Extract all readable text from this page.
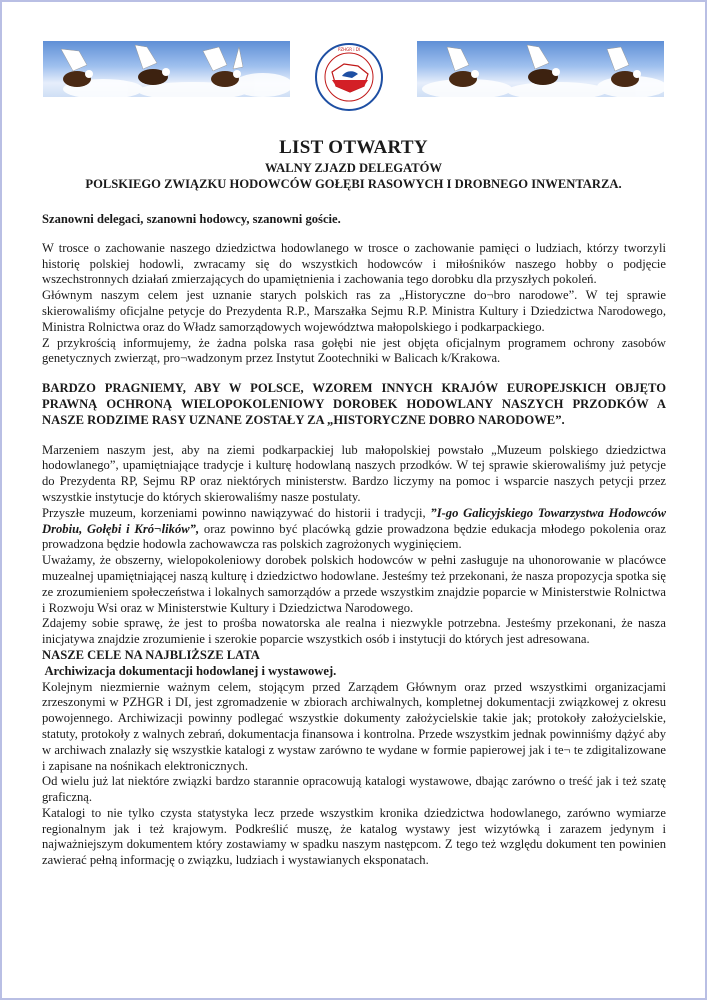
PZHGR i DI
LIST OTWARTY
WALNY ZJAZD DELEGATÓW
POLSKIEGO ZWIĄZKU HODOWCÓW GOŁĘBI RASOWYCH I DROBNEGO INWENTARZA.

Szanowni delegaci, szanowni hodowcy, szanowni goście.

W trosce o zachowanie naszego dziedzictwa hodowlanego w trosce o zachowanie pamięci o ludziach, którzy tworzyli historię polskiej hodowli, zwracamy się do wszystkich hodowców i miłośników naszego hobby o podjęcie wszechstronnych działań zmierzających do upamiętnienia i zachowania tego dorobku dla przyszłych pokoleń.

Głównym naszym celem jest uznanie starych polskich ras za „Historyczne do¬bro narodowe”. W tej sprawie skierowaliśmy oficjalne petycje do Prezydenta R.P., Marszałka Sejmu R.P. Ministra Kultury i Dziedzictwa Narodowego, Ministra Rolnictwa oraz do Władz samorządowych województwa małopolskiego i podkarpackiego.

Z przykrością informujemy, że żadna polska rasa gołębi nie jest objęta oficjalnym programem ochrony zasobów genetycznych zwierząt, pro¬wadzonym przez Instytut Zootechniki w Balicach k/Krakowa.

BARDZO PRAGNIEMY, ABY W POLSCE, WZOREM INNYCH KRAJÓW EUROPEJSKICH OBJĘTO PRAWNĄ OCHRONĄ WIELOPOKOLENIOWY DOROBEK HODOWLANY NASZYCH PRZODKÓW A NASZE RODZIME RASY UZNANE ZOSTAŁY ZA „HISTORYCZNE DOBRO NARODOWE”.

Marzeniem naszym jest, aby na ziemi podkarpackiej lub małopolskiej powstało „Muzeum polskiego dziedzictwa hodowlanego”, upamiętniające tradycje i kulturę hodowlaną naszych przodków. W tej sprawie skierowaliśmy już petycje do Prezydenta RP, Sejmu RP oraz niektórych ministerstw. Bardzo liczymy na pomoc i wsparcie naszych petycji przez wszystkie instytucje do których skierowaliśmy nasze postulaty.

Przyszłe muzeum, korzeniami powinno nawiązywać do historii i tradycji, ”I-go Galicyjskiego Towarzystwa Hodowców Drobiu, Gołębi i Kró¬lików”, oraz powinno być placówką gdzie prowadzona będzie edukacja młodego pokolenia oraz prowadzona będzie hodowla zachowawcza ras polskich zagrożonych wyginięciem.

Uważamy, że obszerny, wielopokoleniowy dorobek polskich hodowców w pełni zasługuje na uhonorowanie w placówce muzealnej upamiętniającej naszą kulturę i dziedzictwo hodowlane. Jesteśmy też przekonani, że nasza propozycja spotka się ze zrozumieniem społeczeństwa i lokalnych samorządów a przede wszystkim znajdzie poparcie w Ministerstwie Rolnictwa i Rozwoju Wsi oraz w Ministerstwie Kultury i Dziedzictwa Narodowego.

Zdajemy sobie sprawę, że jest to prośba nowatorska ale realna i niezwykle potrzebna. Jesteśmy przekonani, że nasza inicjatywa znajdzie zrozumienie i szerokie poparcie wszystkich osób i instytucji do których jest adresowana.

NASZE CELE NA NAJBLIŻSZE LATA

Archiwizacja dokumentacji hodowlanej i wystawowej.

Kolejnym niezmiernie ważnym celem, stojącym przed Zarządem Głównym oraz przed wszystkimi organizacjami zrzeszonymi w PZHGR i DI, jest zgromadzenie w zbiorach archiwalnych, kompletnej dokumentacji związkowej z okresu powojennego. Archiwizacji powinny podlegać wszystkie dokumenty założycielskie takie jak; protokoły założycielskie, statuty, protokoły z walnych zebrań, dokumentacja finansowa i kontrolna. Przede wszystkim jednak powinniśmy dążyć aby w archiwach znalazły się wszystkie katalogi z wystaw zarówno te wydane w formie papierowej jak i te¬ te zdigitalizowane i zapisane na nośnikach elektronicznych.

Od wielu już lat niektóre związki bardzo starannie opracowują katalogi wystawowe, dbając zarówno o treść jak i też szatę graficzną.

Katalogi to nie tylko czysta statystyka lecz przede wszystkim kronika dziedzictwa hodowlanego, zarówno wymiarze regionalnym jak i też krajowym. Podkreślić muszę, że katalog wystawy jest wizytówką i zarazem jedynym i najważniejszym dokumentem który zostawiamy w spadku naszym następcom. Z tego też względu dokument ten powinien zawierać pełną informację o związku, ludziach i wystawianych eksponatach.
